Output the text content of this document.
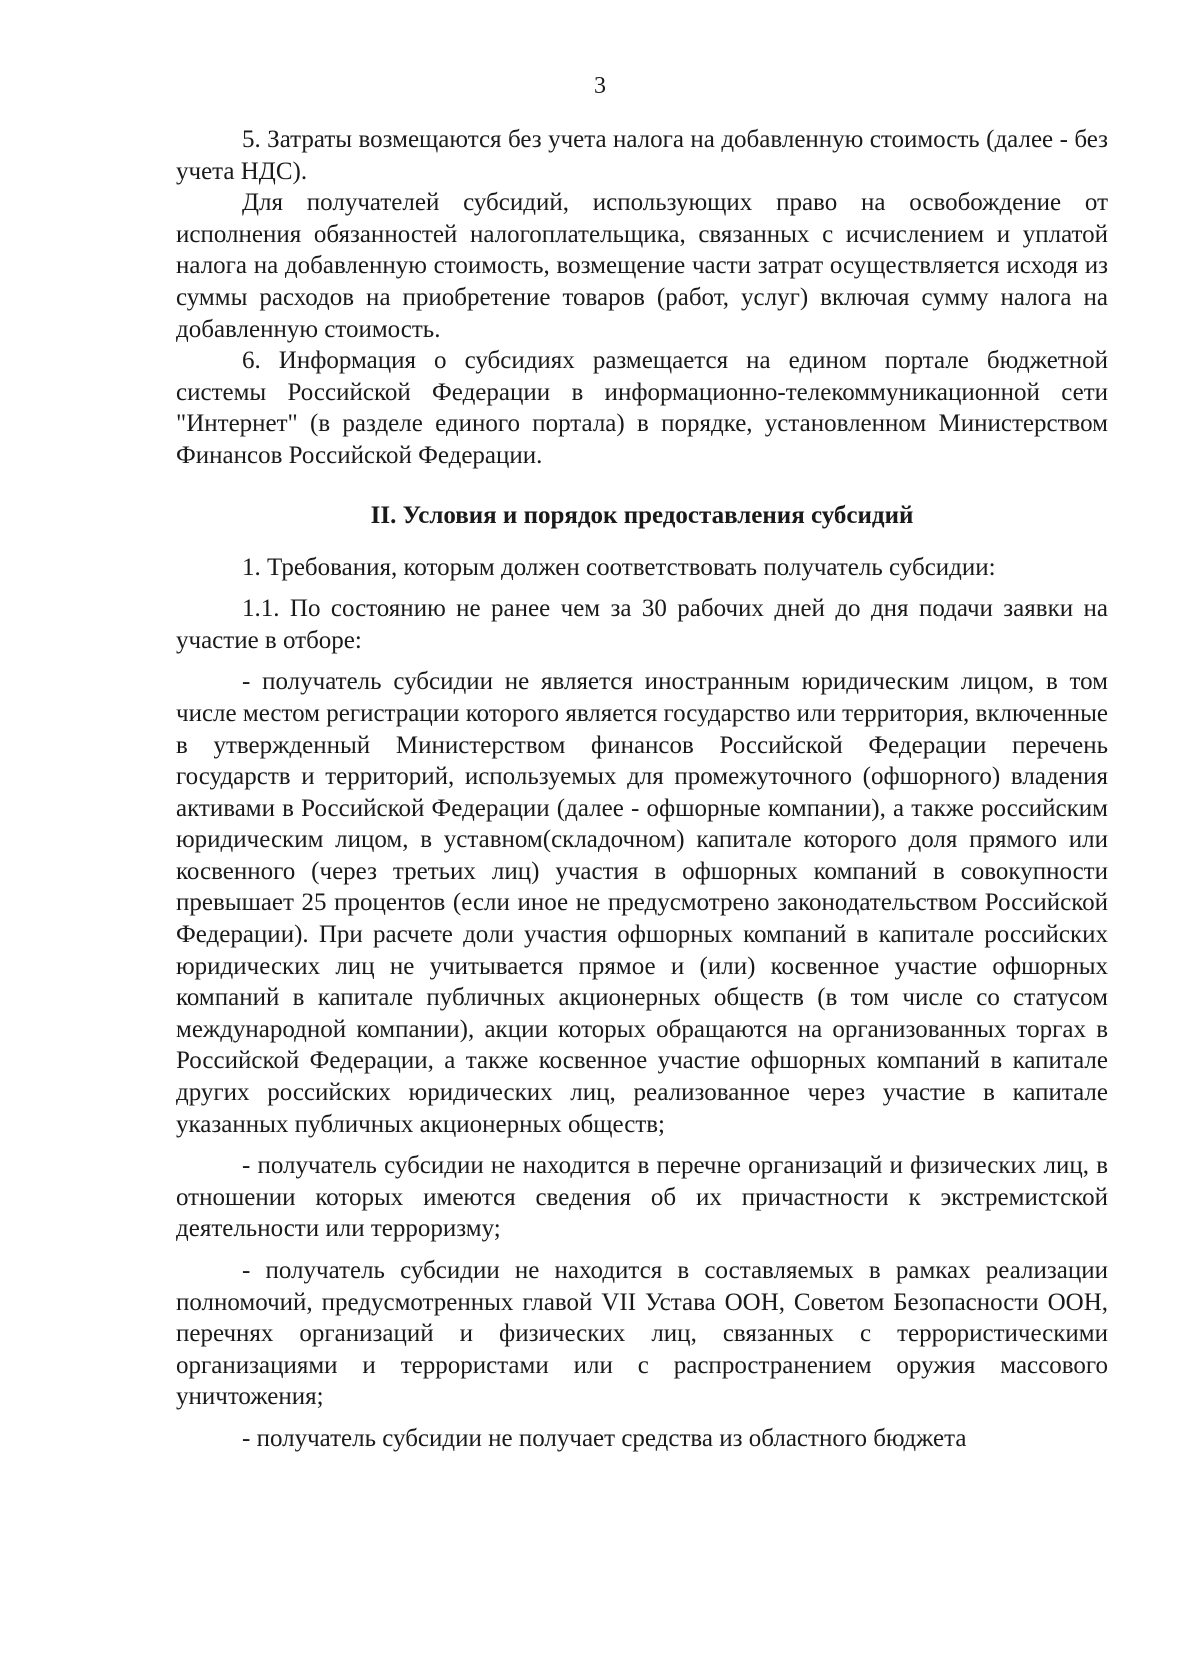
3

5. Затраты возмещаются без учета налога на добавленную стоимость (далее - без учета НДС).

Для получателей субсидий, использующих право на освобождение от исполнения обязанностей налогоплательщика, связанных с исчислением и уплатой налога на добавленную стоимость, возмещение части затрат осуществляется исходя из суммы расходов на приобретение товаров (работ, услуг) включая сумму налога на добавленную стоимость.

6. Информация о субсидиях размещается на едином портале бюджетной системы Российской Федерации в информационно-телекоммуникационной сети "Интернет" (в разделе единого портала) в порядке, установленном Министерством Финансов Российской Федерации.

II. Условия и порядок предоставления субсидий

1. Требования, которым должен соответствовать получатель субсидии:

1.1. По состоянию не ранее чем за 30 рабочих дней до дня подачи заявки на участие в отборе:

- получатель субсидии не является иностранным юридическим лицом, в том числе местом регистрации которого является государство или территория, включенные в утвержденный Министерством финансов Российской Федерации перечень государств и территорий, используемых для промежуточного (офшорного) владения активами в Российской Федерации (далее - офшорные компании), а также российским юридическим лицом, в уставном(складочном) капитале которого доля прямого или косвенного (через третьих лиц) участия в офшорных компаний в совокупности превышает 25 процентов (если иное не предусмотрено законодательством Российской Федерации). При расчете доли участия офшорных компаний в капитале российских юридических лиц не учитывается прямое и (или) косвенное участие офшорных компаний в капитале публичных акционерных обществ (в том числе со статусом международной компании), акции которых обращаются на организованных торгах в Российской Федерации, а также косвенное участие офшорных компаний в капитале других российских юридических лиц, реализованное через участие в капитале указанных публичных акционерных обществ;

- получатель субсидии не находится в перечне организаций и физических лиц, в отношении которых имеются сведения об их причастности к экстремистской деятельности или терроризму;

- получатель субсидии не находится в составляемых в рамках реализации полномочий, предусмотренных главой VII Устава ООН, Советом Безопасности ООН, перечнях организаций и физических лиц, связанных с террористическими организациями и террористами или с распространением оружия массового уничтожения;

- получатель субсидии не получает средства из областного бюджета
